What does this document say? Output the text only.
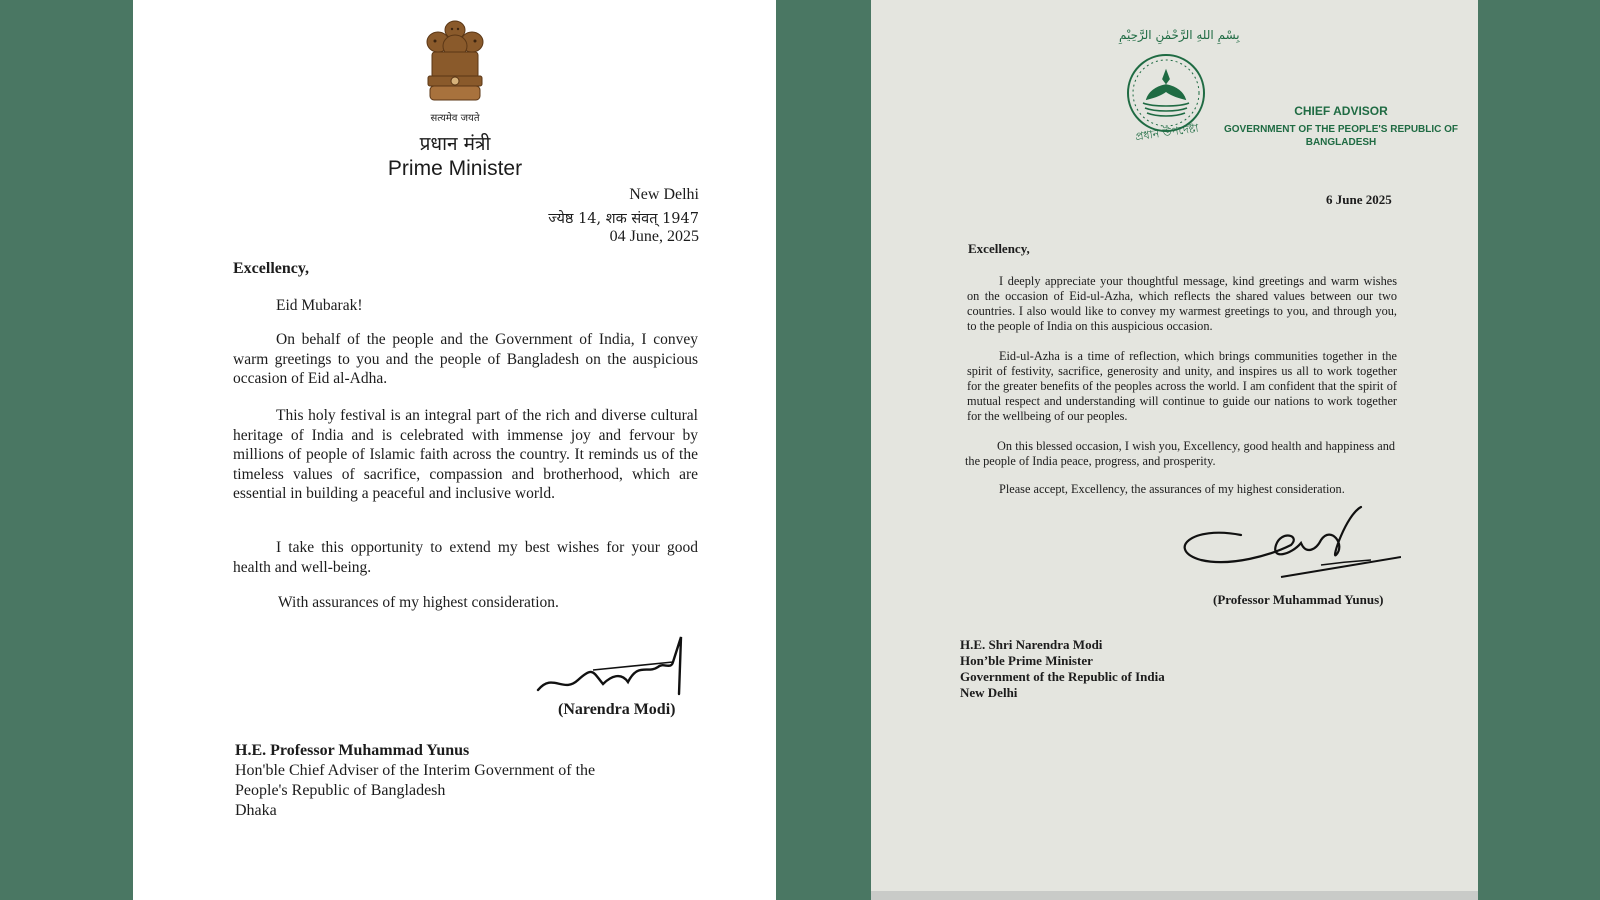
सत्यमेव जयते
प्रधान मंत्री
Prime Minister
New Delhi
ज्येष्ठ 14, शक संवत् 1947
04 June, 2025
Excellency,

Eid Mubarak!

On behalf of the people and the Government of India, I convey warm greetings to you and the people of Bangladesh on the auspicious occasion of Eid al-Adha.

This holy festival is an integral part of the rich and diverse cultural heritage of India and is celebrated with immense joy and fervour by millions of people of Islamic faith across the country. It reminds us of the timeless values of sacrifice, compassion and brotherhood, which are essential in building a peaceful and inclusive world.

I take this opportunity to extend my best wishes for your good health and well-being.

With assurances of my highest consideration.

(Narendra Modi)
H.E. Professor Muhammad Yunus
Hon'ble Chief Adviser of the Interim Government of the
People's Republic of Bangladesh
Dhaka
بِسْمِ اللهِ الرَّحْمٰنِ الرَّحِيْمِ
প্রধান উপদেষ্টা
CHIEF ADVISOR
GOVERNMENT OF THE PEOPLE'S REPUBLIC OF
BANGLADESH
6 June 2025
Excellency,

I deeply appreciate your thoughtful message, kind greetings and warm wishes on the occasion of Eid-ul-Azha, which reflects the shared values between our two countries. I also would like to convey my warmest greetings to you, and through you, to the people of India on this auspicious occasion.

Eid-ul-Azha is a time of reflection, which brings communities together in the spirit of festivity, sacrifice, generosity and unity, and inspires us all to work together for the greater benefits of the peoples across the world. I am confident that the spirit of mutual respect and understanding will continue to guide our nations to work together for the wellbeing of our peoples.

On this blessed occasion, I wish you, Excellency, good health and happiness and the people of India peace, progress, and prosperity.

Please accept, Excellency, the assurances of my highest consideration.

(Professor Muhammad Yunus)
H.E. Shri Narendra Modi
Hon’ble Prime Minister
Government of the Republic of India
New Delhi
